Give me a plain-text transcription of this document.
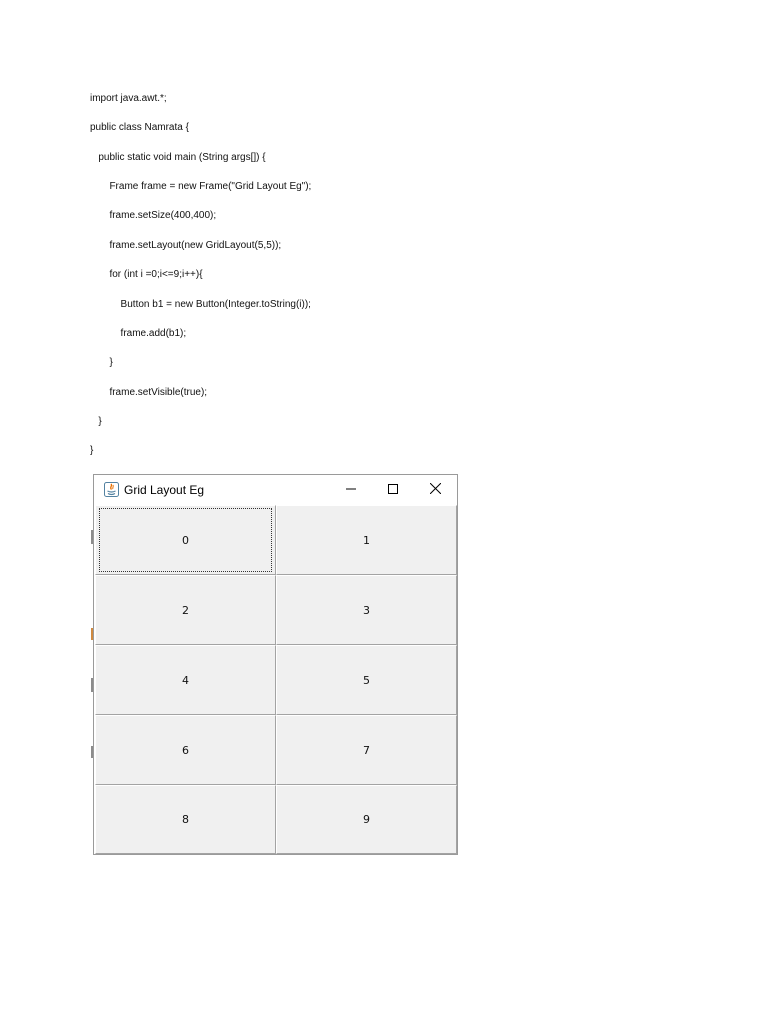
import java.awt.*;
public class Namrata {
public static void main (String args[]) {
Frame frame = new Frame("Grid Layout Eg");
frame.setSize(400,400);
frame.setLayout(new GridLayout(5,5));
for (int i =0;i<=9;i++){
Button b1 = new Button(Integer.toString(i));
frame.add(b1);
}
frame.setVisible(true);
}
}
Grid Layout Eg
0	1
2	3
4	5
6	7
8	9
